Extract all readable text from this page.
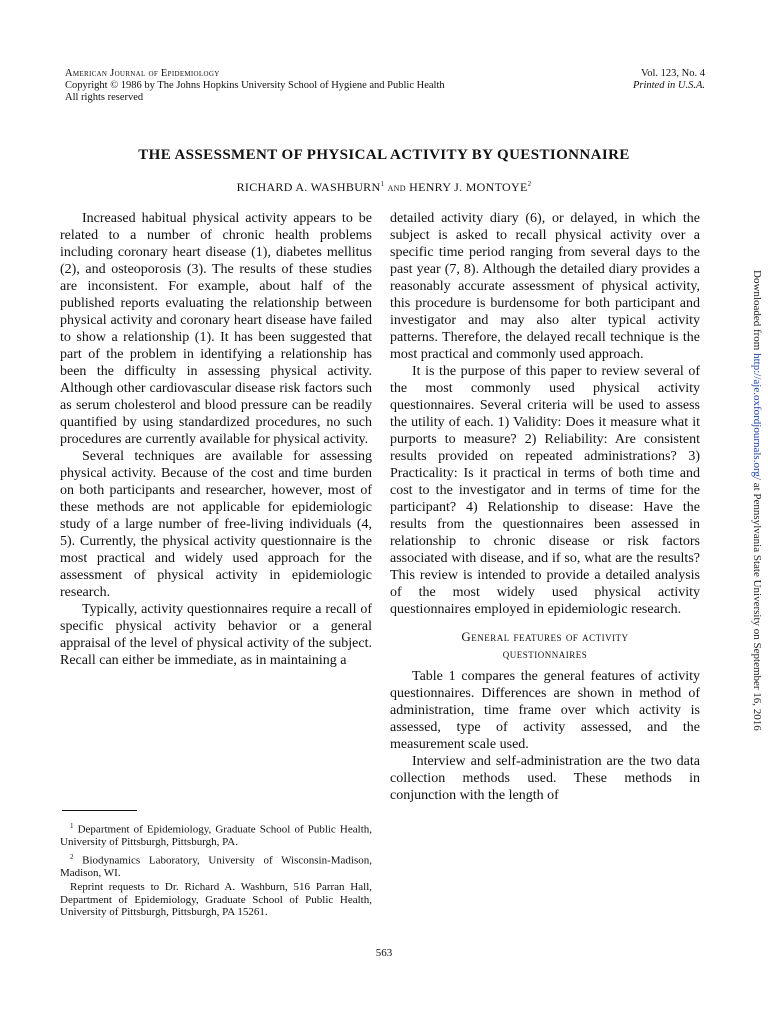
American Journal of Epidemiology
Copyright © 1986 by The Johns Hopkins University School of Hygiene and Public Health
All rights reserved
Vol. 123, No. 4
Printed in U.S.A.
THE ASSESSMENT OF PHYSICAL ACTIVITY BY QUESTIONNAIRE
RICHARD A. WASHBURN$^1$ and HENRY J. MONTOYE$^2$

Increased habitual physical activity appears to be related to a number of chronic health problems including coronary heart disease (1), diabetes mellitus (2), and osteoporosis (3). The results of these studies are inconsistent. For example, about half of the published reports evaluating the relationship between physical activity and coronary heart disease have failed to show a relationship (1). It has been suggested that part of the problem in identifying a relationship has been the difficulty in assessing physical activity. Although other cardiovascular disease risk factors such as serum cholesterol and blood pressure can be readily quantified by using standardized procedures, no such procedures are currently available for physical activity.

Several techniques are available for assessing physical activity. Because of the cost and time burden on both participants and researcher, however, most of these methods are not applicable for epidemiologic study of a large number of free-living individuals (4, 5). Currently, the physical activity questionnaire is the most practical and widely used approach for the assessment of physical activity in epidemiologic research.

Typically, activity questionnaires require a recall of specific physical activity behavior or a general appraisal of the level of physical activity of the subject. Recall can either be immediate, as in maintaining a

detailed activity diary (6), or delayed, in which the subject is asked to recall physical activity over a specific time period ranging from several days to the past year (7, 8). Although the detailed diary provides a reasonably accurate assessment of physical activity, this procedure is burdensome for both participant and investigator and may also alter typical activity patterns. Therefore, the delayed recall technique is the most practical and commonly used approach.

It is the purpose of this paper to review several of the most commonly used physical activity questionnaires. Several criteria will be used to assess the utility of each. 1) Validity: Does it measure what it purports to measure? 2) Reliability: Are consistent results provided on repeated administrations? 3) Practicality: Is it practical in terms of both time and cost to the investigator and in terms of time for the participant? 4) Relationship to disease: Have the results from the questionnaires been assessed in relationship to chronic disease or risk factors associated with disease, and if so, what are the results? This review is intended to provide a detailed analysis of the most widely used physical activity questionnaires employed in epidemiologic research.

General features of activity
questionnaires

Table 1 compares the general features of activity questionnaires. Differences are shown in method of administration, time frame over which activity is assessed, type of activity assessed, and the measurement scale used.

Interview and self-administration are the two data collection methods used. These methods in conjunction with the length of

$^1$ Department of Epidemiology, Graduate School of Public Health, University of Pittsburgh, Pittsburgh, PA.

$^2$ Biodynamics Laboratory, University of Wisconsin-Madison, Madison, WI.

Reprint requests to Dr. Richard A. Washburn, 516 Parran Hall, Department of Epidemiology, Graduate School of Public Health, University of Pittsburgh, Pittsburgh, PA 15261.

563
Downloaded from http://aje.oxfordjournals.org/ at Pennsylvania State University on September 16, 2016
